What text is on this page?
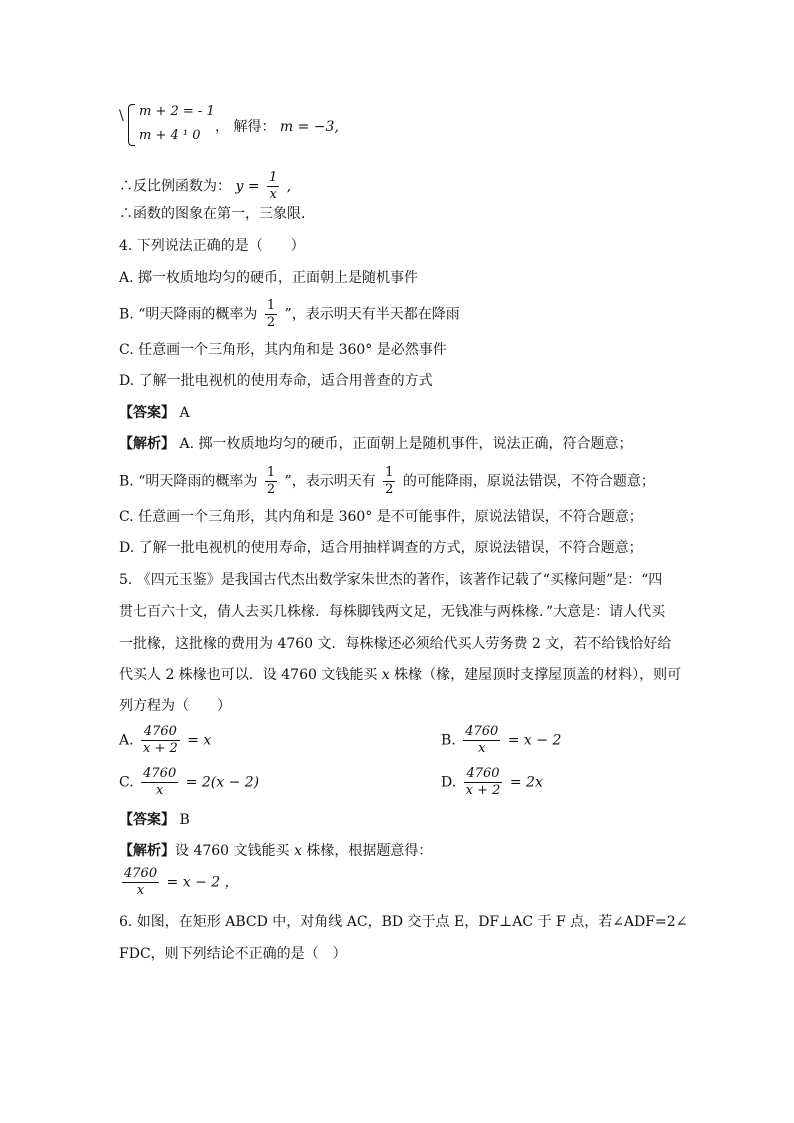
\ m + 2 = - 1
m + 4 ¹ 0
， 解得： m = −3,
∴反比例函数为： $y = \frac{1}{x}$ ,
∴函数的图象在第一，三象限.
4. 下列说法正确的是（　　）
A. 掷一枚质地均匀的硬币，正面朝上是随机事件
B. “明天降雨的概率为 $\frac{1}{2}$ ”，表示明天有半天都在降雨
C. 任意画一个三角形，其内角和是 360° 是必然事件
D. 了解一批电视机的使用寿命，适合用普查的方式
【答案】 A
【解析】 A. 掷一枚质地均匀的硬币，正面朝上是随机事件，说法正确，符合题意；
B. “明天降雨的概率为 $\frac{1}{2}$ ”，表示明天有 $\frac{1}{2}$ 的可能降雨，原说法错误，不符合题意；
C. 任意画一个三角形，其内角和是 360° 是不可能事件，原说法错误，不符合题意；
D. 了解一批电视机的使用寿命，适合用抽样调查的方式，原说法错误，不符合题意；
5. 《四元玉鉴》是我国古代杰出数学家朱世杰的著作，该著作记载了“买椽问题”是：“四
贯七百六十文，倩人去买几株椽．每株脚钱两文足，无钱准与两株椽．”大意是：请人代买
一批椽，这批椽的费用为 4760 文．每株椽还必须给代买人劳务费 2 文，若不给钱恰好给
代买人 2 株椽也可以．设 4760 文钱能买 x 株椽（椽，建屋顶时支撑屋顶盖的材料），则可
列方程为（　　）
A. $\frac{4760}{x + 2} = x$	B. $\frac{4760}{x} = x - 2$
C. $\frac{4760}{x} = 2(x - 2)$	D. $\frac{4760}{x + 2} = 2x$
【答案】 B
【解析】设 4760 文钱能买 x 株椽，根据题意得：
$\frac{4760}{x} = x - 2$ ，
6. 如图，在矩形 ABCD 中，对角线 AC，BD 交于点 E，DF⊥AC 于 F 点，若∠ADF=2∠
FDC，则下列结论不正确的是（　）
